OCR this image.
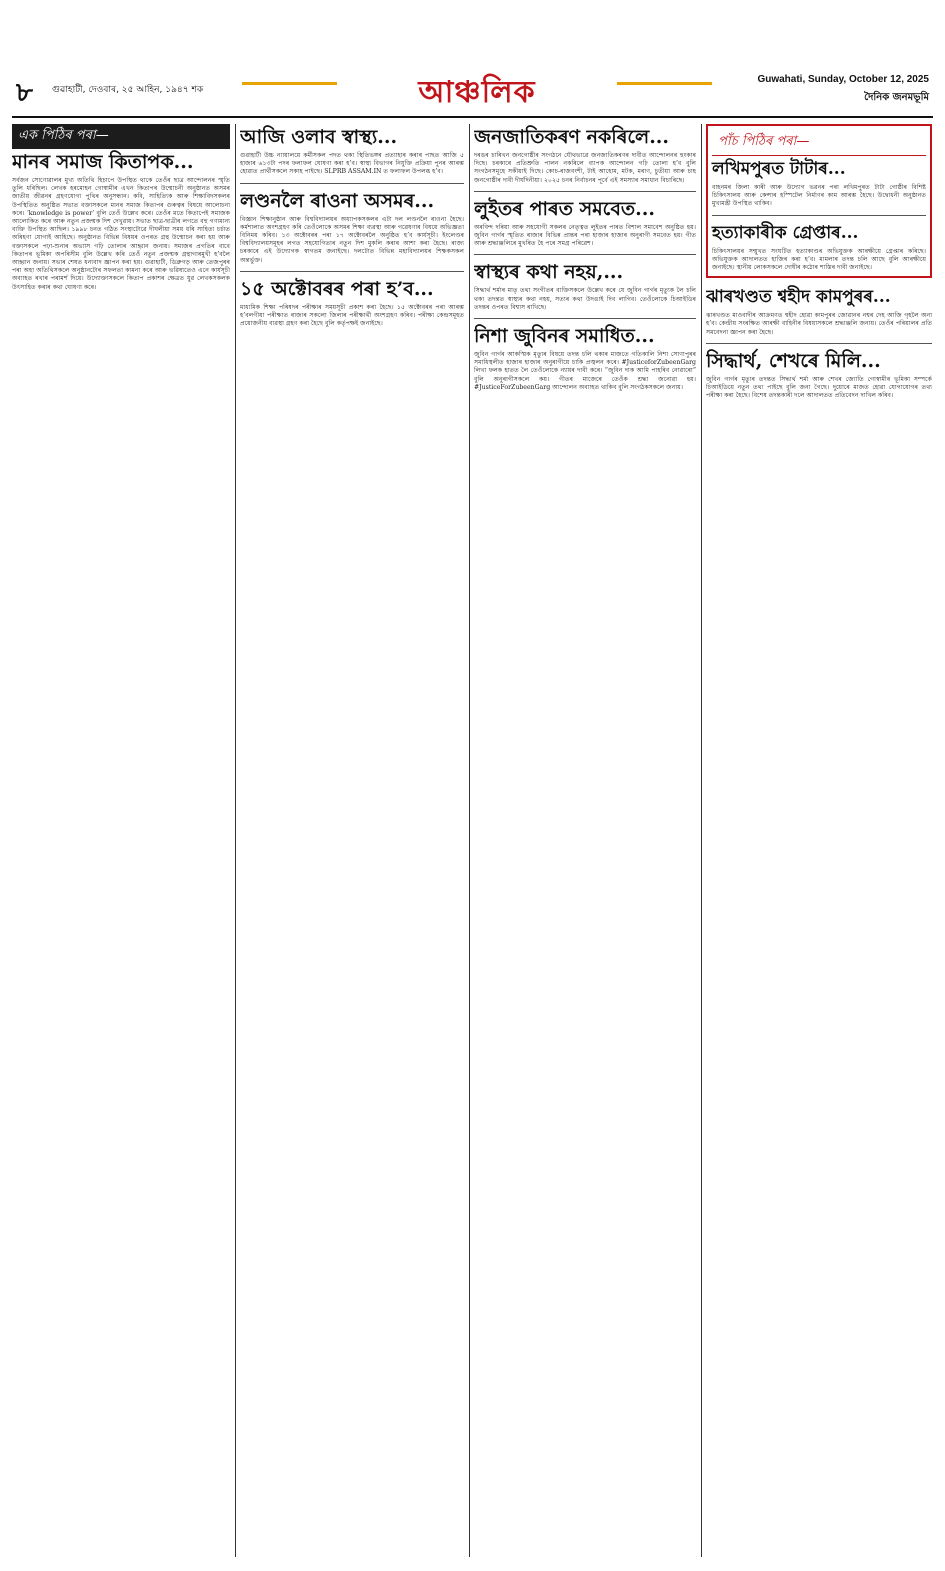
৮ গুৱাহাটী, দেওবাৰ, ২৫ আহিন, ১৯৪৭ শক	আঞ্চলিক	Guwahati, Sunday, October 12, 2025
দৈনিক জনমভূমি
এক পিঠিৰ পৰা—
মানৰ সমাজ কিতাপক...

সৰ্বজন সোণোৱালৰ মুখ্য অতিথি হিচাপে উপস্থিত থাকে তেওঁৰ ছাত্ৰ আন্দোলনৰ স্মৃতি তুলি ধৰিছিল। লেখক হৰমোহন গোস্বামীৰ এখন কিতাপৰ উন্মোচনী অনুষ্ঠানত অসমৰ জাতীয় জীৱনৰ গ্ৰহণযোগ্য পুথিৰ অনুসন্ধান। কবি, সাহিত্যিক আৰু শিক্ষাবিদসকলৰ উপস্থিতিত অনুষ্ঠিত সভাত বক্তাসকলে মানৰ সমাজ কিতাপৰ গুৰুত্বৰ বিষয়ে আলোচনা কৰে। ‘knowledge is power’ বুলি তেওঁ উল্লেখ কৰে। তেওঁৰ মতে কিতাপেই সমাজক আলোকিত কৰে আৰু নতুন প্ৰজন্মক দিশ দেখুৱায়। সভাত ছাত্ৰ-ছাত্ৰীৰ লগতে বহু গণ্যমান্য ব্যক্তি উপস্থিত আছিল। ১৯৯৮ চনত গঠিত সংস্থাটোৱে দীঘলীয়া সময় ধৰি সাহিত্য চৰ্চাত অৰিহণা যোগাই আহিছে। অনুষ্ঠানত বিভিন্ন বিষয়ৰ ওপৰত গ্ৰন্থ উন্মোচন কৰা হয় আৰু বক্তাসকলে পঢ়া-শুনাৰ অভ্যাস গঢ়ি তোলাৰ আহ্বান জনায়। সমাজৰ প্ৰগতিৰ বাবে কিতাপৰ ভূমিকা অপৰিসীম বুলি উল্লেখ কৰি তেওঁ নতুন প্ৰজন্মক গ্ৰন্থাগাৰমুখী হ’বলৈ আহ্বান জনায়। সভাৰ শেষত ধন্যবাদ জ্ঞাপন কৰা হয়। গুৱাহাটী, ডিব্ৰুগড় আৰু তেজপুৰৰ পৰা অহা অতিথিসকলে অনুষ্ঠানটোৰ সফলতা কামনা কৰে আৰু ভৱিষ্যতেও এনে কাৰ্যসূচী অব্যাহত ৰখাৰ পৰামৰ্শ দিয়ে। উদ্যোক্তাসকলে কিতাপ প্ৰকাশৰ ক্ষেত্ৰত যুৱ লেখকসকলক উৎসাহিত কৰাৰ কথা ঘোষণা কৰে।

আজি ওলাব স্বাস্থ্য...

গুৱাহাটী উচ্চ ন্যায়ালয়ে কৰ্মীসকল পদত থকা স্থিতিভঙ্গৰ প্ৰত্যাহাৰ কৰাৰ পাছত আজি ৫ হাজাৰ ৬১৩টা পদৰ ফলাফল ঘোষণা কৰা হ’ব। স্বাস্থ্য বিভাগৰ নিযুক্তি প্ৰক্ৰিয়া পুনৰ আৰম্ভ হোৱাত প্ৰাৰ্থীসকলে সকাহ পাইছে। SLPRB ASSAM.IN ত ফলাফল উপলব্ধ হ’ব।

লণ্ডনলৈ ৰাওনা অসমৰ...

বিজ্ঞান শিক্ষানুষ্ঠান আৰু বিশ্ববিদ্যালয়ৰ অধ্যাপকসকলৰ এটা দল লণ্ডনলৈ ৰাওনা হৈছে। কৰ্মশালাত অংশগ্ৰহণ কৰি তেওঁলোকে অসমৰ শিক্ষা ব্যৱস্থা আৰু গৱেষণাৰ বিষয়ে অভিজ্ঞতা বিনিময় কৰিব। ১৩ অক্টোবৰৰ পৰা ১৭ অক্টোবৰলৈ অনুষ্ঠিত হ’ব কাৰ্যসূচী। ইংলেণ্ডৰ বিশ্ববিদ্যালয়সমূহৰ লগত সহযোগিতাৰ নতুন দিশ মুকলি কৰাৰ আশা কৰা হৈছে। ৰাজ্য চৰকাৰে এই উদ্যোগক স্বাগতম জনাইছে। দলটোত বিভিন্ন মহাবিদ্যালয়ৰ শিক্ষকসকল অন্তৰ্ভুক্ত।

১৫ অক্টোবৰৰ পৰা হ’ব...

মাধ্যমিক শিক্ষা পৰিষদৰ পৰীক্ষাৰ সময়সূচী প্ৰকাশ কৰা হৈছে। ১৫ অক্টোবৰৰ পৰা আৰম্ভ হ’বলগীয়া পৰীক্ষাত ৰাজ্যৰ সকলো জিলাৰ পৰীক্ষাৰ্থী অংশগ্ৰহণ কৰিব। পৰীক্ষা কেন্দ্ৰসমূহত প্ৰয়োজনীয় ব্যৱস্থা গ্ৰহণ কৰা হৈছে বুলি কৰ্তৃপক্ষই জনাইছে।

জনজাতিকৰণ নকৰিলে...

দৰঙৰ চাৰিখন জনগোষ্ঠীৰ সংগঠনে যৌথভাৱে জনজাতিকৰণৰ দাবীত আন্দোলনৰ হুংকাৰ দিছে। চৰকাৰে প্ৰতিশ্ৰুতি পালন নকৰিলে ব্যাপক আন্দোলন গঢ়ি তোলা হ’ব বুলি সংগঠনসমূহে সকীয়াই দিছে। কোচ-ৰাজবংশী, টাই আহোম, মটক, মৰাণ, চুতীয়া আৰু চাহ জনগোষ্ঠীৰ দাবী দীৰ্ঘদিনীয়া। ২০২৫ চনৰ নিৰ্বাচনৰ পূৰ্বে এই সমস্যাৰ সমাধান বিচাৰিছে।

লুইতৰ পাৰত সমবেত...

অৰবিন্দ দৰিয়া আৰু সহযোগী সকলৰ নেতৃত্বত লুইতৰ পাৰত বিশাল সমাবেশ অনুষ্ঠিত হয়। জুবিন গাৰ্গৰ স্মৃতিত ৰাজ্যৰ বিভিন্ন প্ৰান্তৰ পৰা হাজাৰ হাজাৰ অনুৰাগী সমবেত হয়। গীত আৰু শ্ৰদ্ধাঞ্জলিৰে মুখৰিত হৈ পৰে সমগ্ৰ পৰিৱেশ।

স্বাস্থ্যৰ কথা নহয়,...

সিদ্ধাৰ্থ শৰ্মাৰ মাতৃ তথা সংগীতৰ ব্যক্তিসকলে উল্লেখ কৰে যে জুবিন গাৰ্গৰ মৃত্যুক লৈ চলি থকা তদন্তত স্বাস্থ্যৰ কথা নহয়, সত্যৰ কথা উদঙাই দিব লাগিব। তেওঁলোকে চিআইডিৰ তদন্তৰ ওপৰত বিশ্বাস ৰাখিছে।

নিশা জুবিনৰ সমাধিত...

জুবিন গাৰ্গৰ আকস্মিক মৃত্যুৰ বিষয়ে তদন্ত চলি থকাৰ মাজতে গতিকালি নিশা সোণাপুৰৰ সমাধিস্থলীত হাজাৰ হাজাৰ অনুৰাগীয়ে চাকি প্ৰজ্বলন কৰে। #JusticeforZubeenGarg লিখা ফলক হাতত লৈ তেওঁলোকে ন্যায়ৰ দাবী কৰে। “জুবিন দাক আমি পাহৰিব নোৱাৰো” বুলি অনুৰাগীসকলে কয়। গীতৰ মাজেৰে তেওঁক শ্ৰদ্ধা জনোৱা হয়। #JusticeForZubeenGarg আন্দোলন অব্যাহত থাকিব বুলি সংগঠকসকলে জনায়।

পাঁচ পিঠিৰ পৰা—
লখিমপুৰত টাটাৰ...

বাহনমৰ জিলা কাৰী আৰু উদ্যোগ ভৱনৰ পৰা লখিমপুৰত টাটা গোষ্ঠীৰ বিশিষ্ট চিকিৎসালয় আৰু কেন্সাৰ হস্পিটেল নিৰ্মাণৰ কাম আৰম্ভ হৈছে। উদ্বোধনী অনুষ্ঠানত মুখ্যমন্ত্ৰী উপস্থিত থাকিব।

হত্যাকাৰীক গ্ৰেপ্তাৰ...

চিকিৎসালয়ৰ সন্মুখত সংঘটিত হত্যাকাণ্ডৰ অভিযুক্তক আৰক্ষীয়ে গ্ৰেপ্তাৰ কৰিছে। অভিযুক্তক আদালতত হাজিৰ কৰা হ’ব। মামলাৰ তদন্ত চলি আছে বুলি আৰক্ষীয়ে জনাইছে। স্থানীয় লোকসকলে দোষীৰ কঠোৰ শাস্তিৰ দাবী জনাইছে।

ঝাৰখণ্ডত শ্বহীদ কামপুৰৰ...

ঝাৰখণ্ডত মাওবাদীৰ আক্ৰমণত শ্বহীদ হোৱা কামপুৰৰ জোৱানৰ নশ্বৰ দেহ আজি গৃহলৈ অনা হ’ব। কেন্দ্ৰীয় সংৰক্ষিত আৰক্ষী বাহিনীৰ বিষয়াসকলে শ্ৰদ্ধাঞ্জলি জনায়। তেওঁৰ পৰিয়ালৰ প্ৰতি সমবেদনা জ্ঞাপন কৰা হৈছে।

সিদ্ধাৰ্থ, শেখৰে মিলি...

জুবিন গাৰ্গৰ মৃত্যুৰ তদন্তত সিদ্ধাৰ্থ শৰ্মা আৰু শেখৰ জ্যোতি গোস্বামীৰ ভূমিকা সম্পৰ্কে চিআইডিয়ে নতুন তথ্য পাইছে বুলি জনা গৈছে। দুয়োৰে মাজত হোৱা যোগাযোগৰ তথ্য পৰীক্ষা কৰা হৈছে। বিশেষ তদন্তকাৰী দলে আদালতত প্ৰতিবেদন দাখিল কৰিব।
